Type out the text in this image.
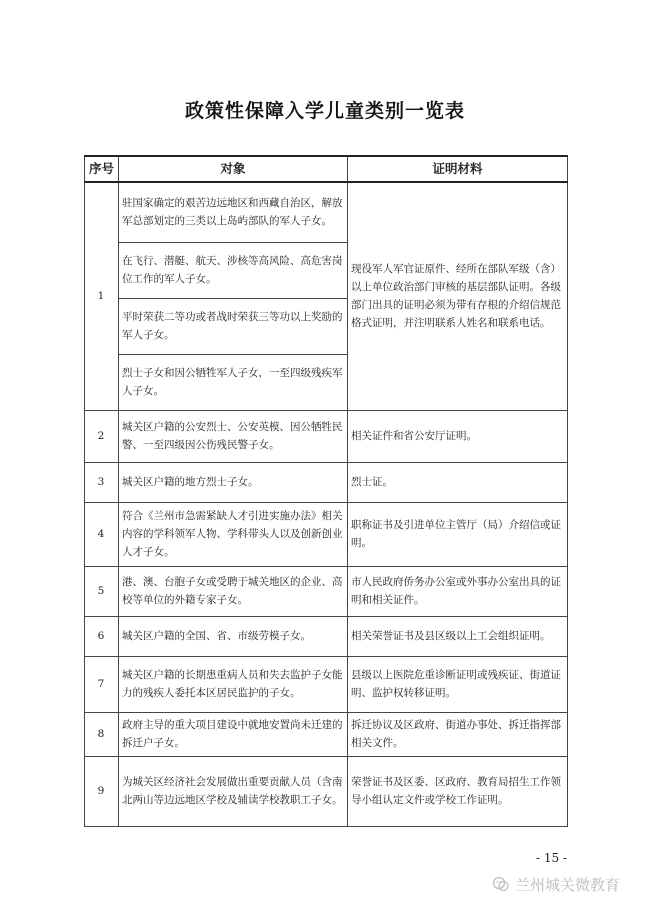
政策性保障入学儿童类别一览表
序号	对象	证明材料
1	驻国家确定的艰苦边远地区和西藏自治区，解放军总部划定的三类以上岛屿部队的军人子女。	现役军人军官证原件、经所在部队军级（含）以上单位政治部门审核的基层部队证明。各级部门出具的证明必须为带有存根的介绍信规范格式证明，并注明联系人姓名和联系电话。
	在飞行、潜艇、航天、涉核等高风险、高危害岗位工作的军人子女。	
	平时荣获二等功或者战时荣获三等功以上奖励的军人子女。	
	烈士子女和因公牺牲军人子女，一至四级残疾军人子女。	
2	城关区户籍的公安烈士、公安英模、因公牺牲民警、一至四级因公伤残民警子女。	相关证件和省公安厅证明。
3	城关区户籍的地方烈士子女。	烈士证。
4	符合《兰州市急需紧缺人才引进实施办法》相关内容的学科领军人物、学科带头人以及创新创业人才子女。	职称证书及引进单位主管厅（局）介绍信或证明。
5	港、澳、台胞子女或受聘于城关地区的企业、高校等单位的外籍专家子女。	市人民政府侨务办公室或外事办公室出具的证明和相关证件。
6	城关区户籍的全国、省、市级劳模子女。	相关荣誉证书及县区级以上工会组织证明。
7	城关区户籍的长期患重病人员和失去监护子女能力的残疾人委托本区居民监护的子女。	县级以上医院危重诊断证明或残疾证、街道证明、监护权转移证明。
8	政府主导的重大项目建设中就地安置尚未迁建的拆迁户子女。	拆迁协议及区政府、街道办事处、拆迁指挥部相关文件。
9	为城关区经济社会发展做出重要贡献人员（含南北两山等边远地区学校及辅读学校教职工子女。	荣誉证书及区委、区政府、教育局招生工作领导小组认定文件或学校工作证明。
- 15 -
兰州城关微教育
